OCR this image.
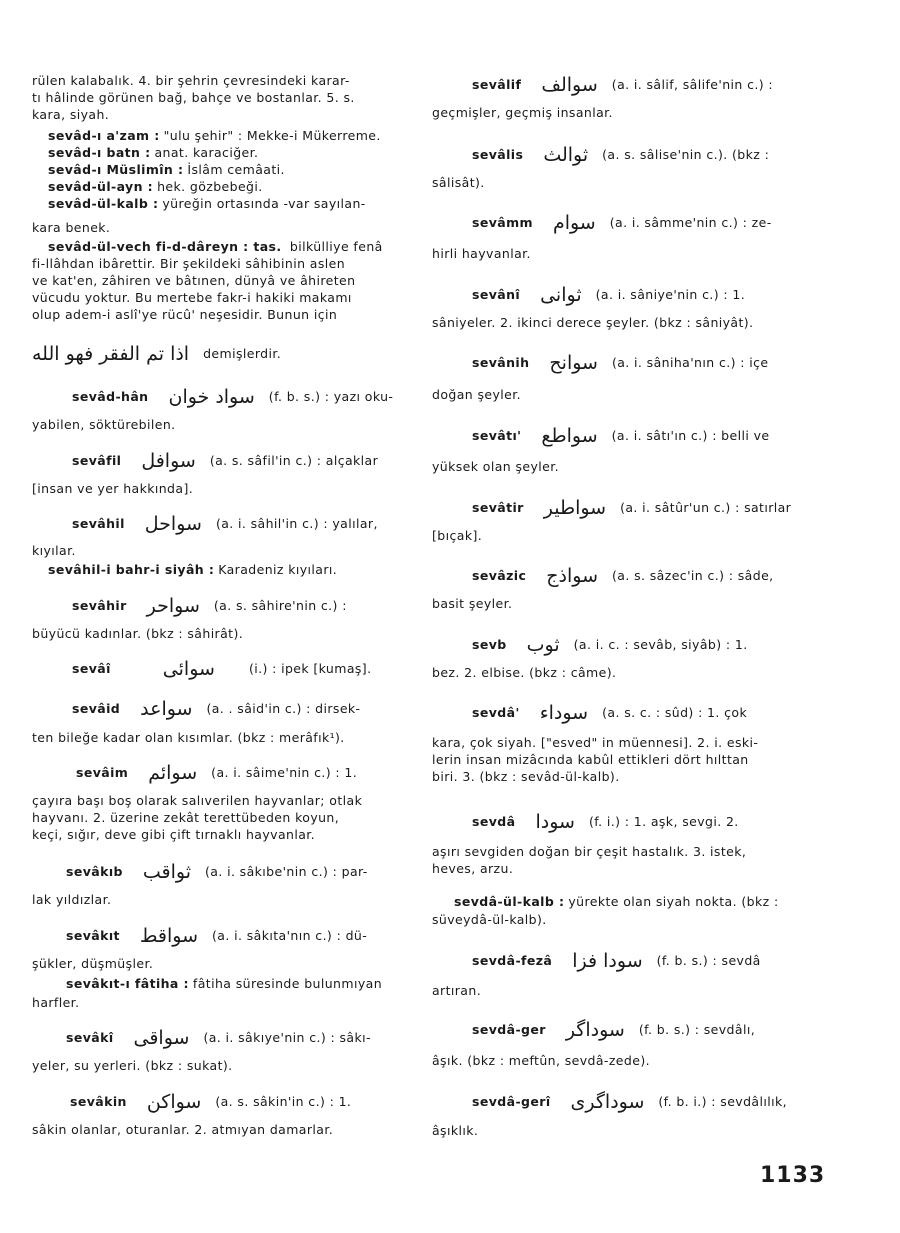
rülen kalabalık. 4. bir şehrin çevresindeki karar-
tı hâlinde görünen bağ, bahçe ve bostanlar. 5. s.
kara, siyah.
sevâd-ı a'zam : "ulu şehir" : Mekke-i Mükerreme.
sevâd-ı batn : anat. karaciğer.
sevâd-ı Müslimîn : İslâm cemâati.
sevâd-ül-ayn : hek. gözbebeği.
sevâd-ül-kalb : yüreğin ortasında -var sayılan-
kara benek.
sevâd-ül-vech fi-d-dâreyn : tas. bilkülliye fenâ
fi-llâhdan ibârettir. Bir şekildeki sâhibinin aslen
ve kat'en, zâhiren ve bâtınen, dünyâ ve âhireten
vücudu yoktur. Bu mertebe fakr-i hakiki makamı
olup adem-i aslî'ye rücû' neşesidir. Bunun için
اذا تم الفقر فهو الله demişlerdir.
sevâd-hân سواد خوان (f. b. s.) : yazı oku-
yabilen, söktürebilen.
sevâfil سوافل (a. s. sâfil'in c.) : alçaklar
[insan ve yer hakkında].
sevâhil سواحل (a. i. sâhil'in c.) : yalılar,
kıyılar.
sevâhil-i bahr-i siyâh : Karadeniz kıyıları.
sevâhir سواحر (a. s. sâhire'nin c.) :
büyücü kadınlar. (bkz : sâhirât).
sevâî	سوائى	(i.) : ipek [kumaş].
sevâid سواعد (a. . sâid'in c.) : dirsek-
ten bileğe kadar olan kısımlar. (bkz : merâfık¹).
sevâim سوائم (a. i. sâime'nin c.) : 1.
çayıra başı boş olarak salıverilen hayvanlar; otlak
hayvanı. 2. üzerine zekât terettübeden koyun,
keçi, sığır, deve gibi çift tırnaklı hayvanlar.
sevâkıb ثواقب (a. i. sâkıbe'nin c.) : par-
lak yıldızlar.
sevâkıt سواقط (a. i. sâkıta'nın c.) : dü-
şükler, düşmüşler.
sevâkıt-ı fâtiha : fâtiha süresinde bulunmıyan
harfler.
sevâkî سواقى (a. i. sâkıye'nin c.) : sâkı-
yeler, su yerleri. (bkz : sukat).
sevâkin سواكن (a. s. sâkin'in c.) : 1.
sâkin olanlar, oturanlar. 2. atmıyan damarlar.
sevâlif سوالف (a. i. sâlif, sâlife'nin c.) :
geçmişler, geçmiş insanlar.
sevâlis ثوالث (a. s. sâlise'nin c.). (bkz :
sâlisât).
sevâmm سوام (a. i. sâmme'nin c.) : ze-
hirli hayvanlar.
sevânî ثوانى (a. i. sâniye'nin c.) : 1.
sâniyeler. 2. ikinci derece şeyler. (bkz : sâniyât).
sevânih سوانح (a. i. sâniha'nın c.) : içe
doğan şeyler.
sevâtı' سواطع (a. i. sâtı'ın c.) : belli ve
yüksek olan şeyler.
sevâtir سواطير (a. i. sâtûr'un c.) : satırlar
[bıçak].
sevâzic سواذج (a. s. sâzec'in c.) : sâde,
basit şeyler.
sevb ثوب (a. i. c. : sevâb, siyâb) : 1.
bez. 2. elbise. (bkz : câme).
sevdâ' سوداء (a. s. c. : sûd) : 1. çok
kara, çok siyah. ["esved" in müennesi]. 2. i. eski-
lerin insan mizâcında kabûl ettikleri dört hılttan
biri. 3. (bkz : sevâd-ül-kalb).
sevdâ سودا (f. i.) : 1. aşk, sevgi. 2.
aşırı sevgiden doğan bir çeşit hastalık. 3. istek,
heves, arzu.
sevdâ-ül-kalb : yürekte olan siyah nokta. (bkz :
süveydâ-ül-kalb).
sevdâ-fezâ سودا فزا (f. b. s.) : sevdâ
artıran.
sevdâ-ger سوداگر (f. b. s.) : sevdâlı,
âşık. (bkz : meftûn, sevdâ-zede).
sevdâ-gerî سوداگرى (f. b. i.) : sevdâlılık,
âşıklık.
1133
